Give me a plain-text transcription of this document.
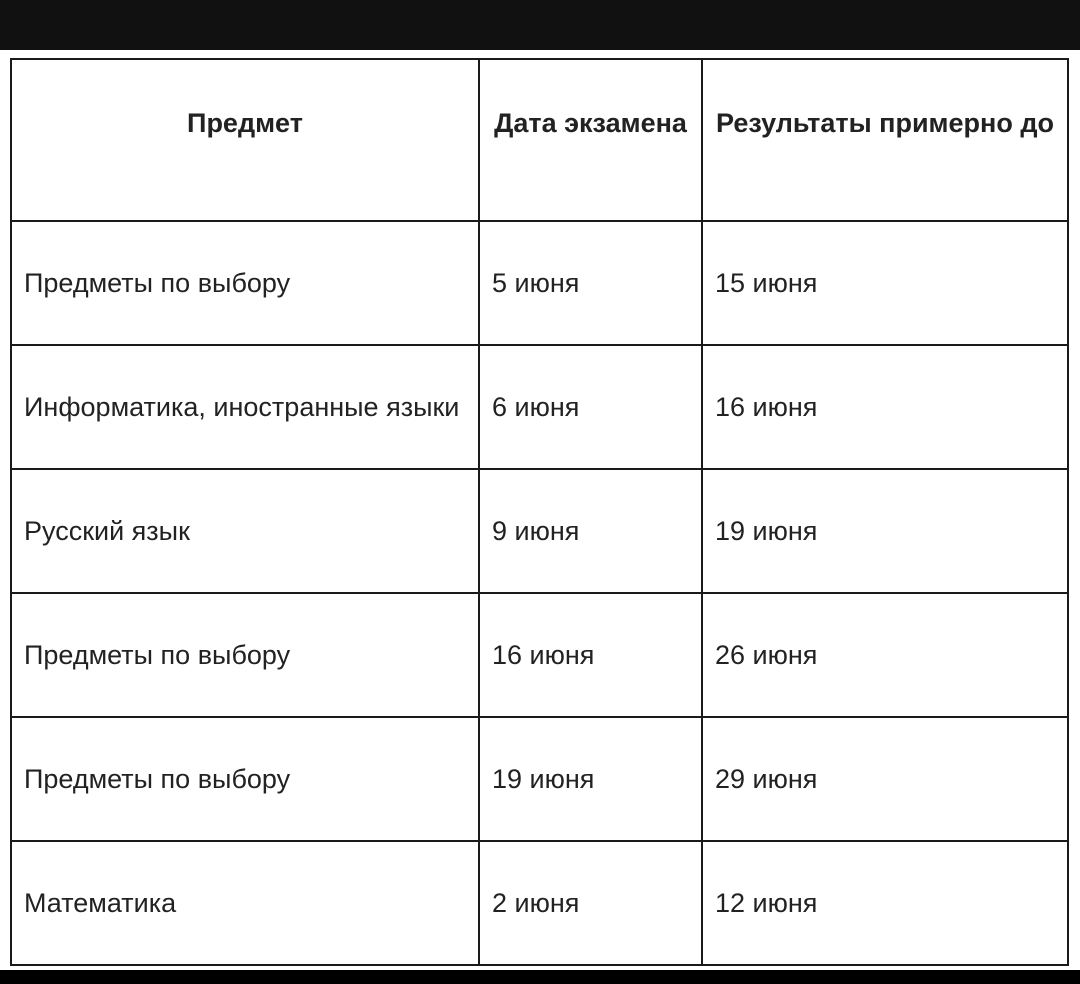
Предмет	Дата экзамена	Результаты примерно до
Предметы по выбору	5 июня	15 июня
Информатика, иностранные языки	6 июня	16 июня
Русский язык	9 июня	19 июня
Предметы по выбору	16 июня	26 июня
Предметы по выбору	19 июня	29 июня
Математика	2 июня	12 июня
